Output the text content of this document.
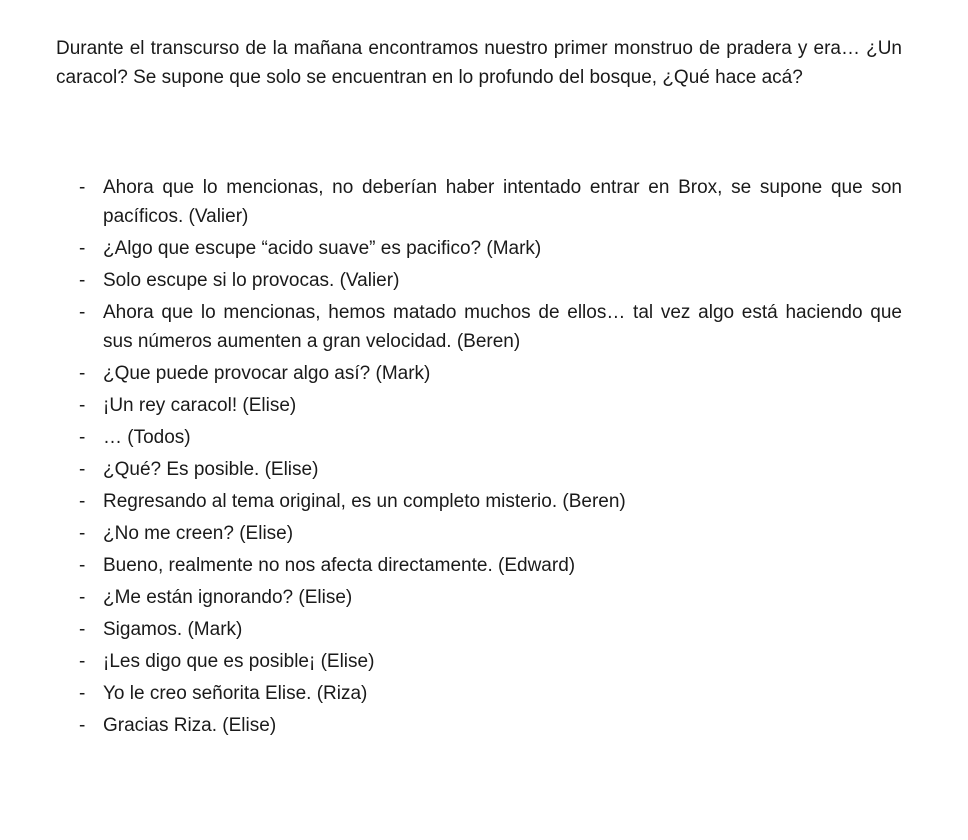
Durante el transcurso de la mañana encontramos nuestro primer monstruo de pradera y era… ¿Un caracol? Se supone que solo se encuentran en lo profundo del bosque, ¿Qué hace acá?

- Ahora que lo mencionas, no deberían haber intentado entrar en Brox, se supone que son pacíficos. (Valier)
- ¿Algo que escupe “acido suave” es pacifico? (Mark)
- Solo escupe si lo provocas. (Valier)
- Ahora que lo mencionas, hemos matado muchos de ellos… tal vez algo está haciendo que sus números aumenten a gran velocidad. (Beren)
- ¿Que puede provocar algo así? (Mark)
- ¡Un rey caracol! (Elise)
- … (Todos)
- ¿Qué? Es posible. (Elise)
- Regresando al tema original, es un completo misterio. (Beren)
- ¿No me creen? (Elise)
- Bueno, realmente no nos afecta directamente. (Edward)
- ¿Me están ignorando? (Elise)
- Sigamos. (Mark)
- ¡Les digo que es posible¡ (Elise)
- Yo le creo señorita Elise. (Riza)
- Gracias Riza. (Elise)
